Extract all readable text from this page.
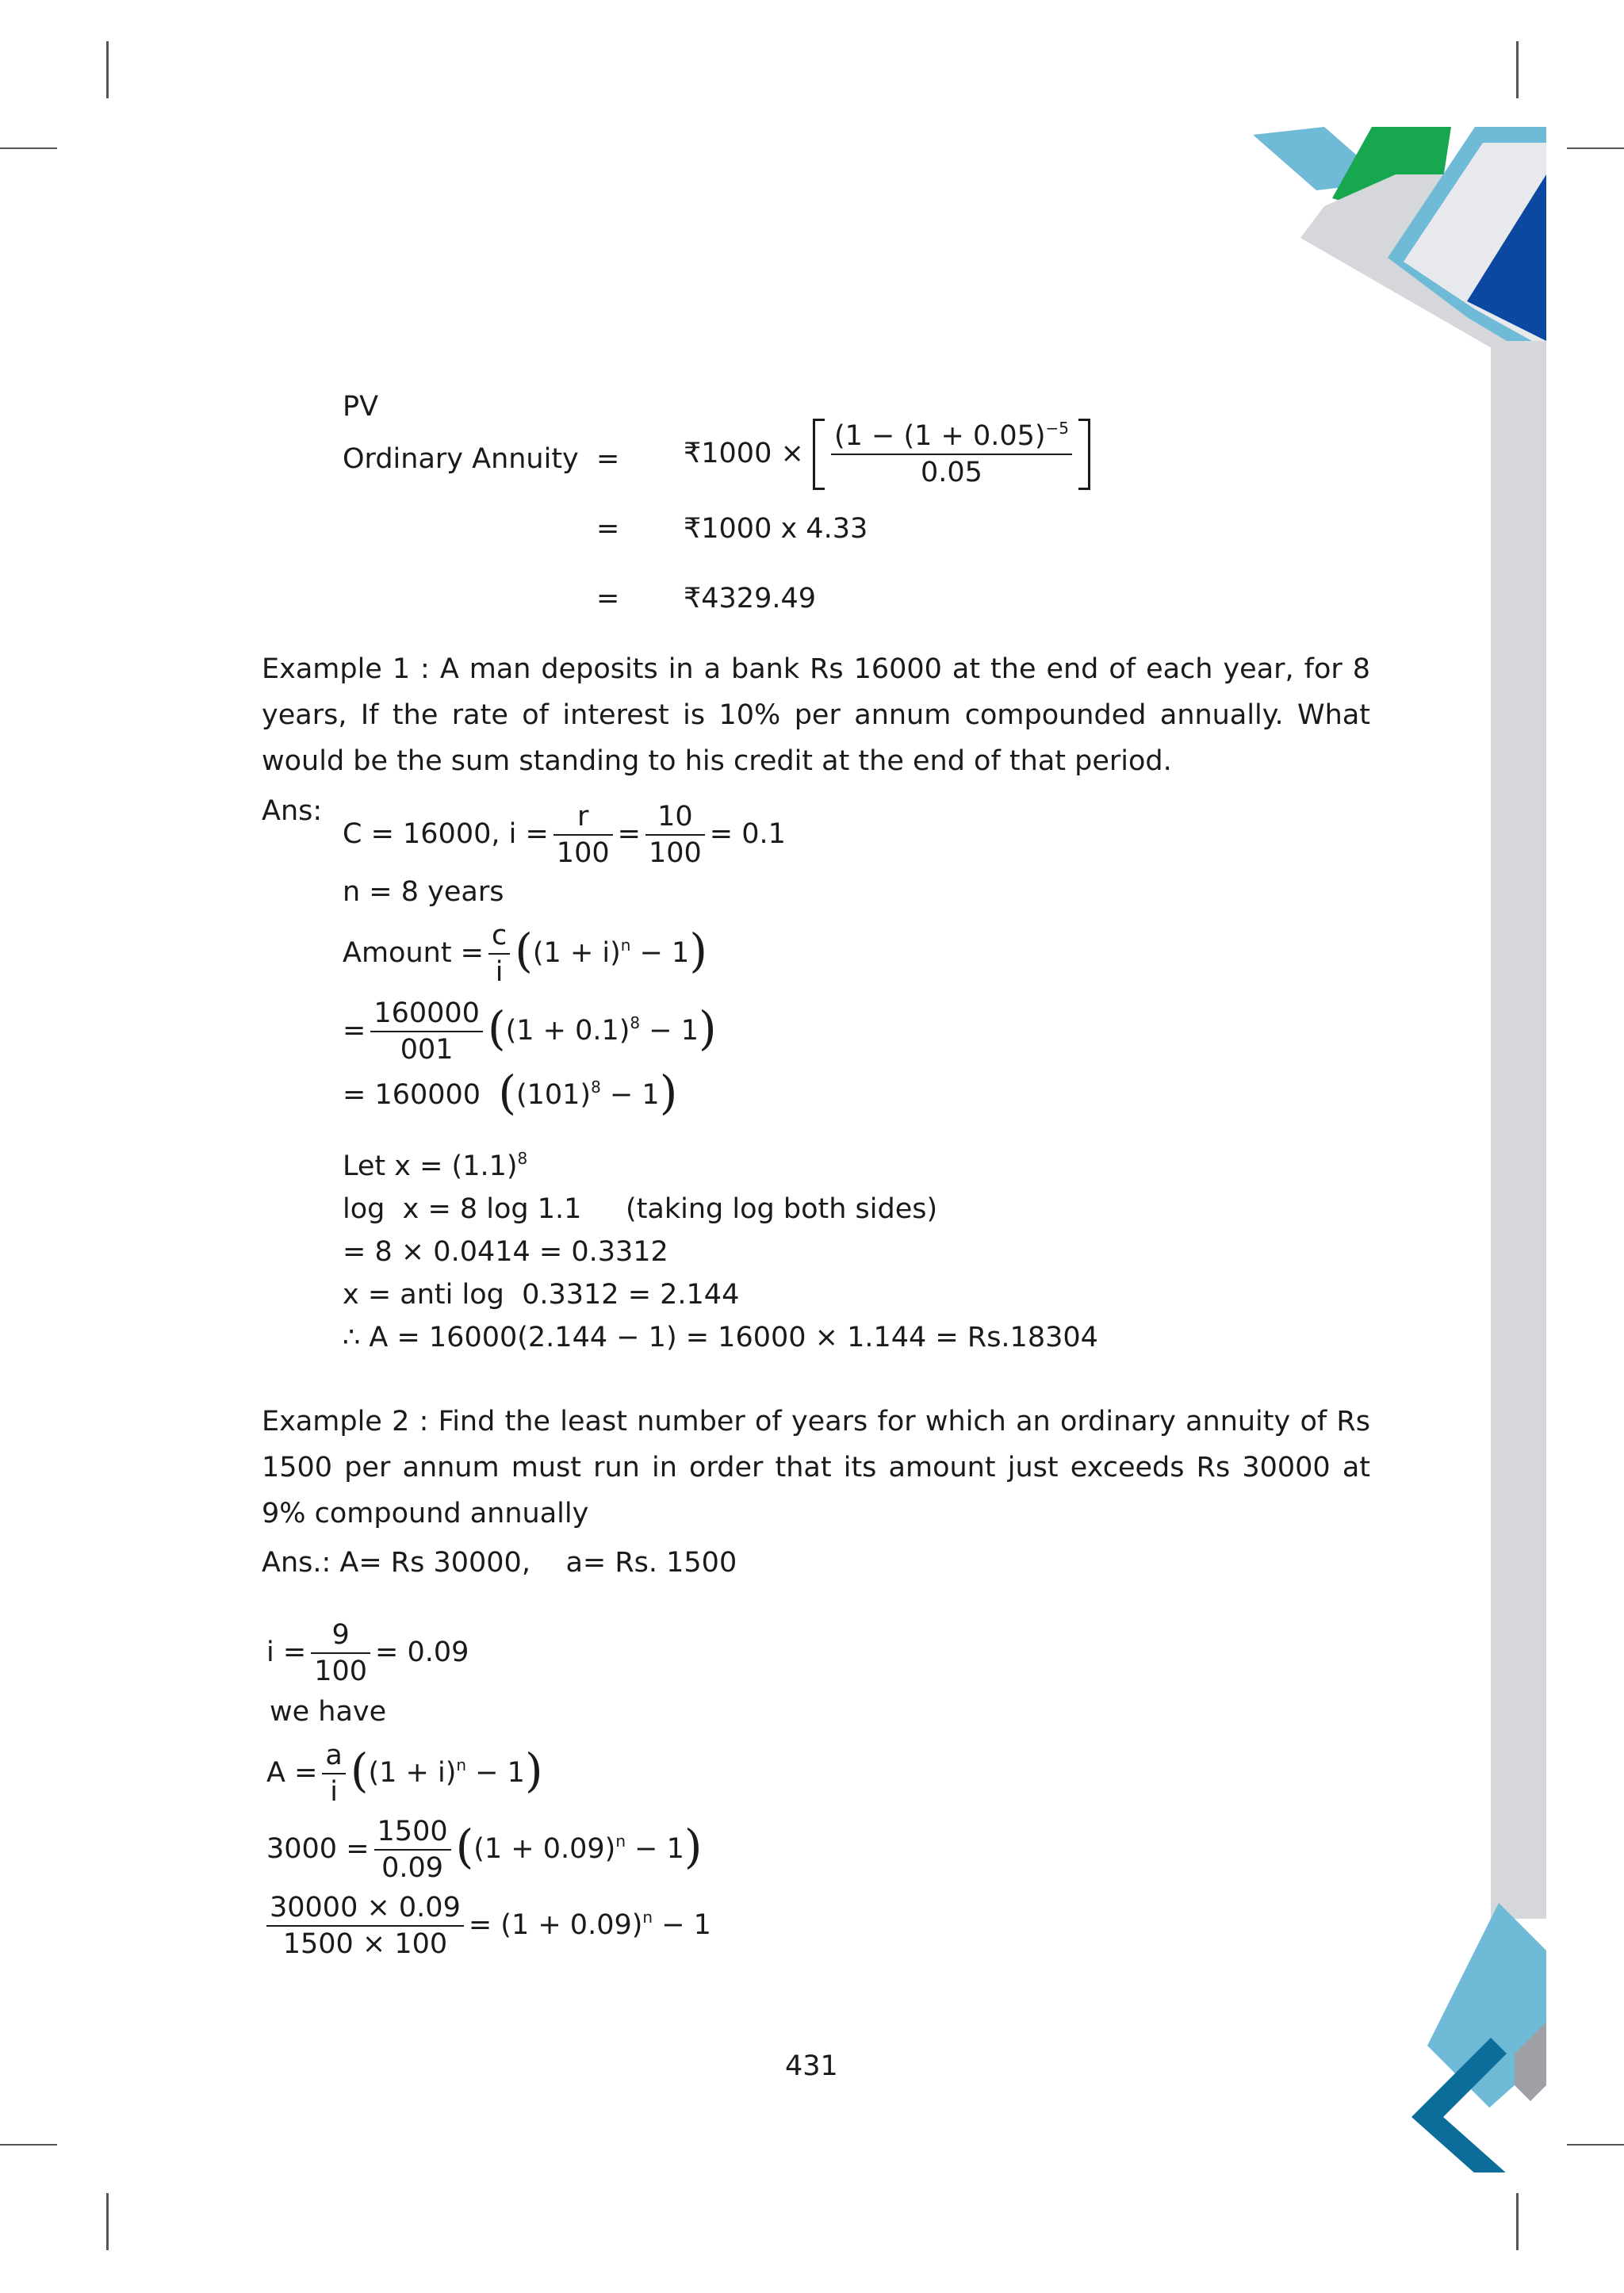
PV
Ordinary Annuity = ₹1000 × $\frac{(1 - (1 + 0.05)^{-5}}{0.05}$
= ₹1000 x 4.33
= ₹4329.49
Example 1 : A man deposits in a bank Rs 16000 at the end of each year, for 8 years, If the rate of interest is 10% per annum compounded annually. What would be the sum standing to his credit at the end of that period.
Ans:
C = 16000, $i = \frac{r}{100} = \frac{10}{100} = 0.1$
n = 8 years
Amount = $\frac{c}{i} ((1 + i)^n - 1)$
= $\frac{160000}{001} ((1 + 0.1)^8 - 1)$
= 160000 $((101)^8 - 1)$
Let $x = (1.1)^8$
log  x = 8 log 1.1     (taking log both sides)
= 8 × 0.0414 = 0.3312
x = anti log  0.3312 = 2.144
∴ A = 16000(2.144 − 1) = 16000 × 1.144 = Rs.18304
Example 2 : Find the least number of years for which an ordinary annuity of Rs 1500 per annum must run in order that its amount just exceeds Rs 30000 at 9% compound annually
Ans.: A= Rs 30000,    a= Rs. 1500
$i = \frac{9}{100} = 0.09$
we have
$A = \frac{a}{i} ((1 + i)^n - 1)$
$3000 = \frac{1500}{0.09} ((1 + 0.09)^n - 1)$
$\frac{30000 \times 0.09}{1500 \times 100} = (1 + 0.09)^n - 1$
431
